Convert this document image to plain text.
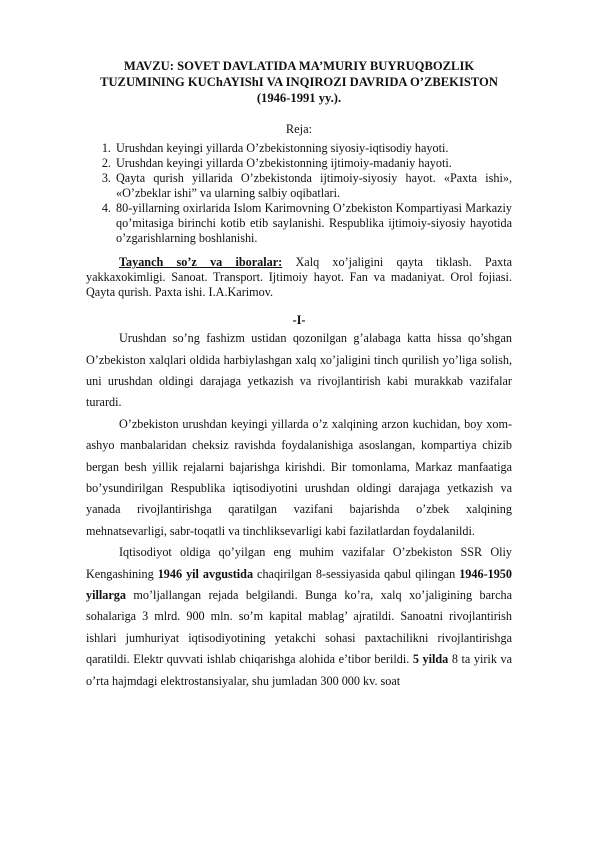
MAVZU: SOVET DAVLATIDA MA’MURIY BUYRUQBOZLIK
TUZUMINING KUChAYIShI VA INQIROZI DAVRIDA O’ZBEKISTON
(1946-1991 yy.).
Reja:
1. Urushdan keyingi yillarda O’zbekistonning siyosiy-iqtisodiy hayoti.
2. Urushdan keyingi yillarda O’zbekistonning ijtimoiy-madaniy hayoti.
3. Qayta qurish yillarida O’zbekistonda ijtimoiy-siyosiy hayot. «Paxta ishi», «O’zbeklar ishi” va ularning salbiy oqibatlari.
4. 80-yillarning oxirlarida Islom Karimovning O’zbekiston Kompartiyasi Markaziy qo’mitasiga birinchi kotib etib saylanishi. Respublika ijtimoiy-siyosiy hayotida o’zgarishlarning boshlanishi.

Tayanch so’z va iboralar: Xalq xo’jaligini qayta tiklash. Paxta yakkaxokimligi. Sanoat. Transport. Ijtimoiy hayot. Fan va madaniyat. Orol fojiasi. Qayta qurish. Paxta ishi. I.A.Karimov.

-I-

Urushdan so’ng fashizm ustidan qozonilgan g’alabaga katta hissa qo’shgan O’zbekiston xalqlari oldida harbiylashgan xalq xo’jaligini tinch qurilish yo’liga solish, uni urushdan oldingi darajaga yetkazish va rivojlantirish kabi murakkab vazifalar turardi.

O’zbekiston urushdan keyingi yillarda o’z xalqining arzon kuchidan, boy xom-ashyo manbalaridan cheksiz ravishda foydalanishiga asoslangan, kompartiya chizib bergan besh yillik rejalarni bajarishga kirishdi. Bir tomonlama, Markaz manfaatiga bo’ysundirilgan Respublika iqtisodiyotini urushdan oldingi darajaga yetkazish va yanada rivojlantirishga qaratilgan vazifani bajarishda o’zbek xalqining mehnatsevarligi, sabr-toqatli va tinchliksevarligi kabi fazilatlardan foydalanildi.

Iqtisodiyot oldiga qo’yilgan eng muhim vazifalar O’zbekiston SSR Oliy Kengashining 1946 yil avgustida chaqirilgan 8-sessiyasida qabul qilingan 1946-1950 yillarga mo’ljallangan rejada belgilandi. Bunga ko’ra, xalq xo’jaligining barcha sohalariga 3 mlrd. 900 mln. so’m kapital mablag’ ajratildi. Sanoatni rivojlantirish ishlari jumhuriyat iqtisodiyotining yetakchi sohasi paxtachilikni rivojlantirishga qaratildi. Elektr quvvati ishlab chiqarishga alohida e’tibor berildi. 5 yilda 8 ta yirik va o’rta hajmdagi elektrostansiyalar, shu jumladan 300 000 kv. soat
